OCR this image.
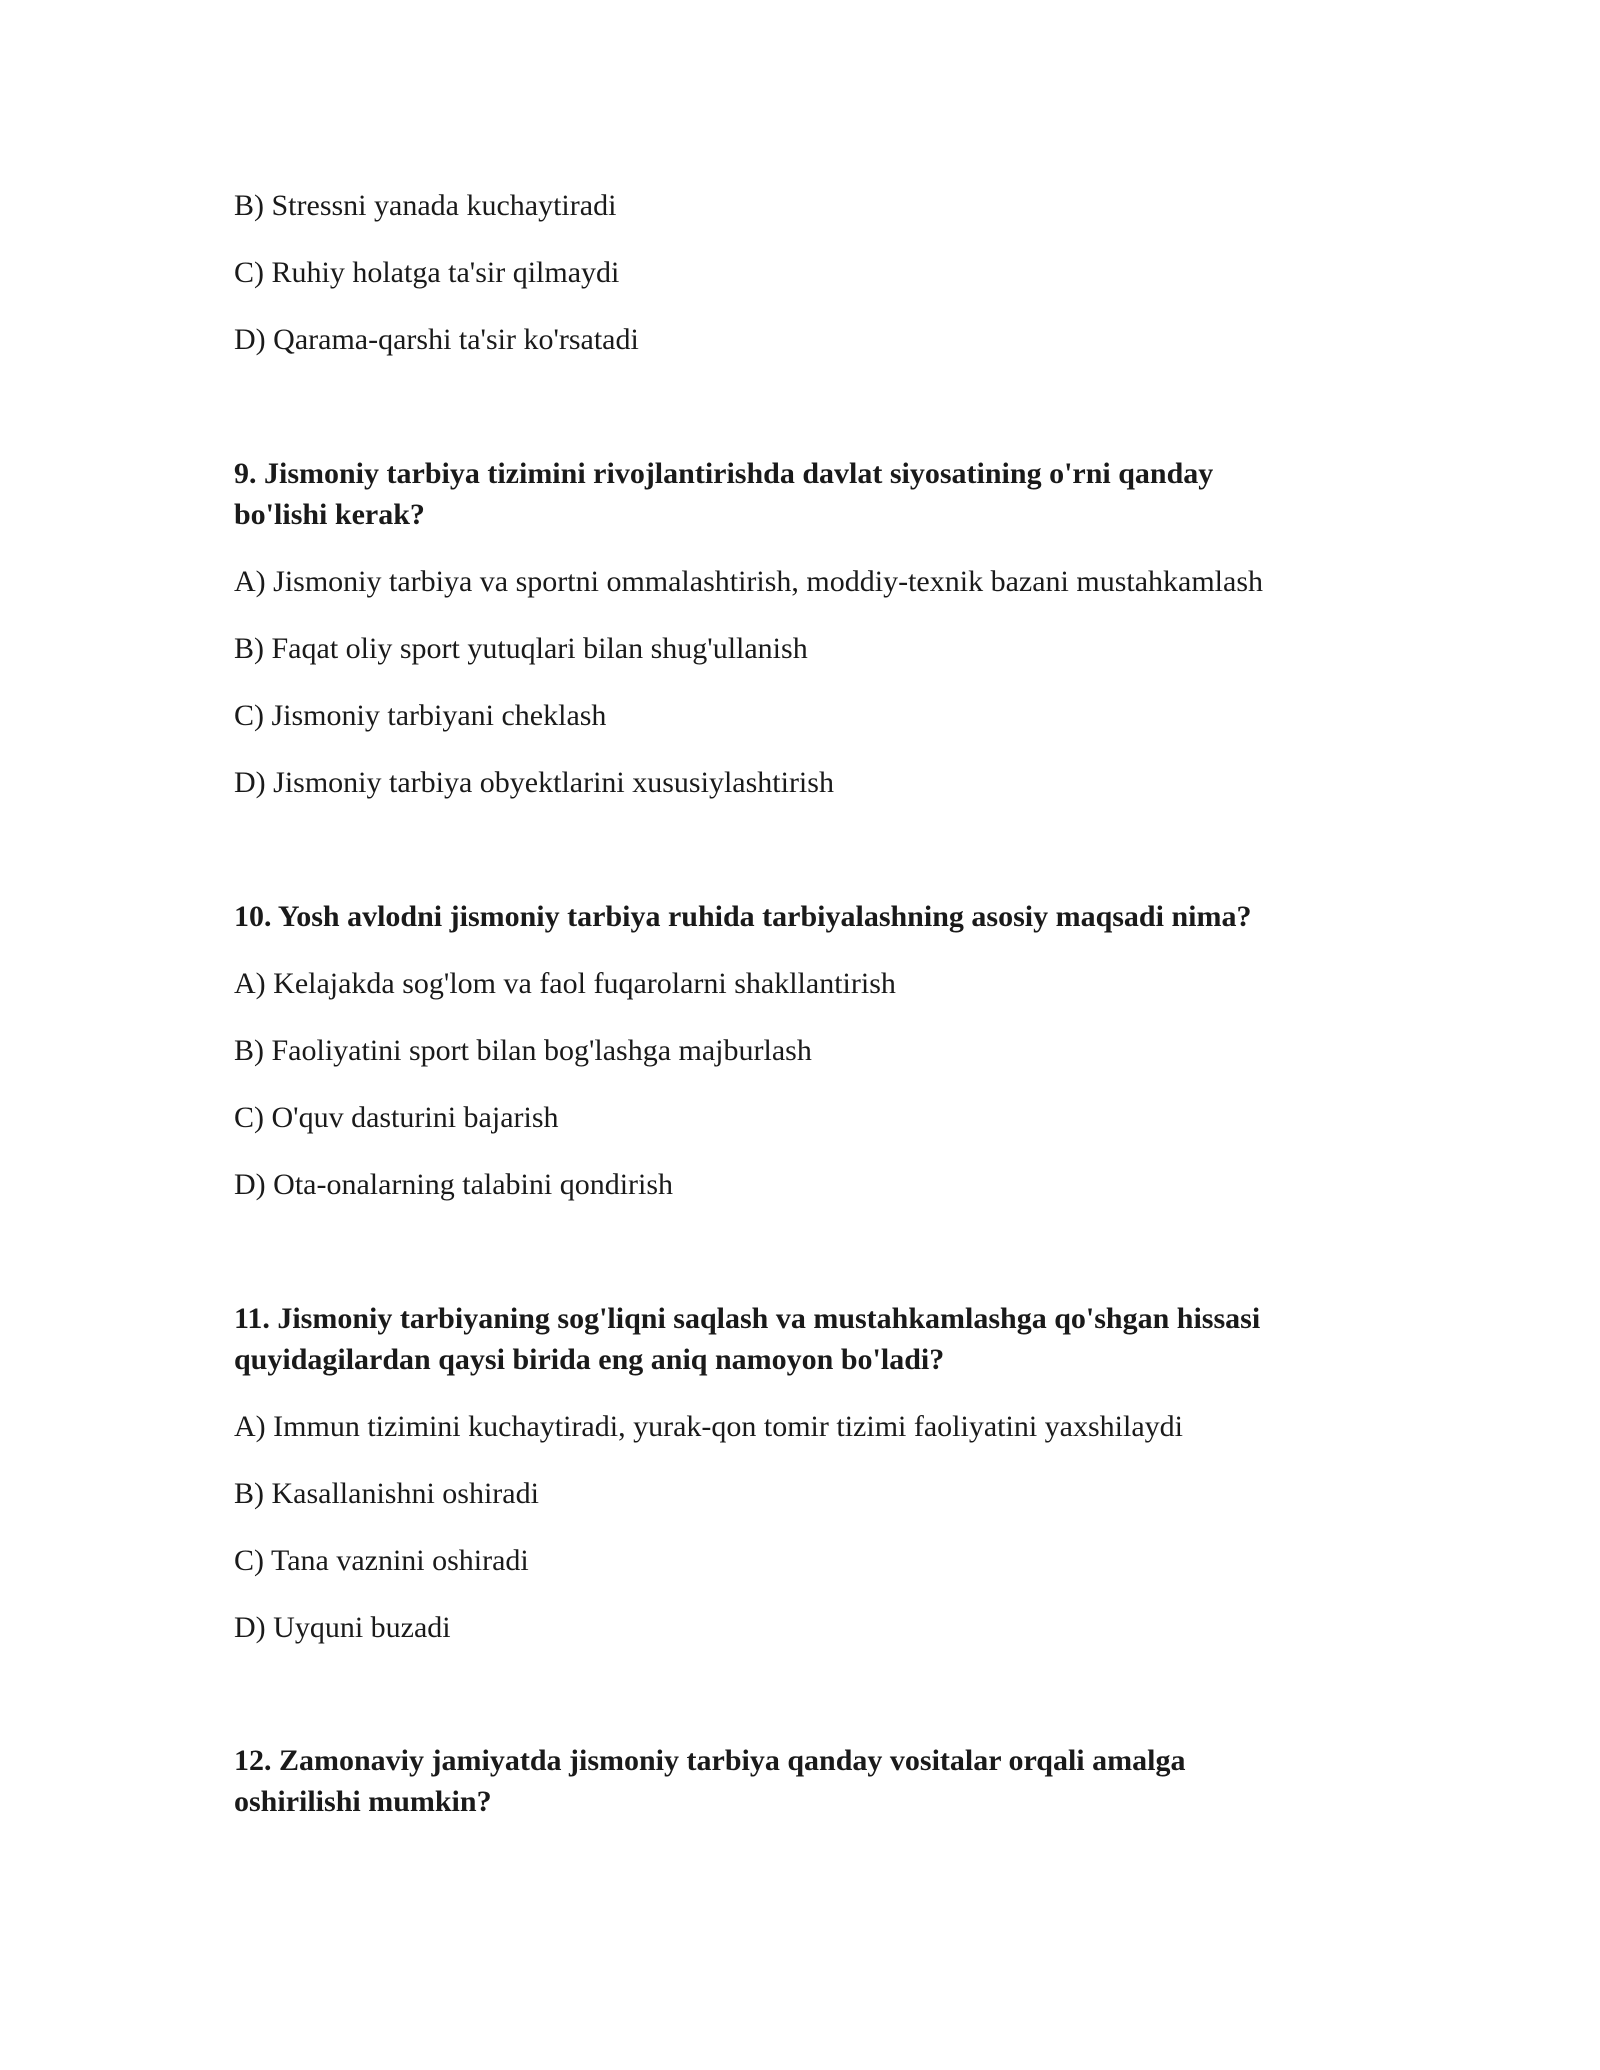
B) Stressni yanada kuchaytiradi
C) Ruhiy holatga ta'sir qilmaydi
D) Qarama-qarshi ta'sir ko'rsatadi
9. Jismoniy tarbiya tizimini rivojlantirishda davlat siyosatining o'rni qanday
bo'lishi kerak?
A) Jismoniy tarbiya va sportni ommalashtirish, moddiy-texnik bazani mustahkamlash
B) Faqat oliy sport yutuqlari bilan shug'ullanish
C) Jismoniy tarbiyani cheklash
D) Jismoniy tarbiya obyektlarini xususiylashtirish
10. Yosh avlodni jismoniy tarbiya ruhida tarbiyalashning asosiy maqsadi nima?
A) Kelajakda sog'lom va faol fuqarolarni shakllantirish
B) Faoliyatini sport bilan bog'lashga majburlash
C) O'quv dasturini bajarish
D) Ota-onalarning talabini qondirish
11. Jismoniy tarbiyaning sog'liqni saqlash va mustahkamlashga qo'shgan hissasi
quyidagilardan qaysi birida eng aniq namoyon bo'ladi?
A) Immun tizimini kuchaytiradi, yurak-qon tomir tizimi faoliyatini yaxshilaydi
B) Kasallanishni oshiradi
C) Tana vaznini oshiradi
D) Uyquni buzadi
12. Zamonaviy jamiyatda jismoniy tarbiya qanday vositalar orqali amalga
oshirilishi mumkin?
